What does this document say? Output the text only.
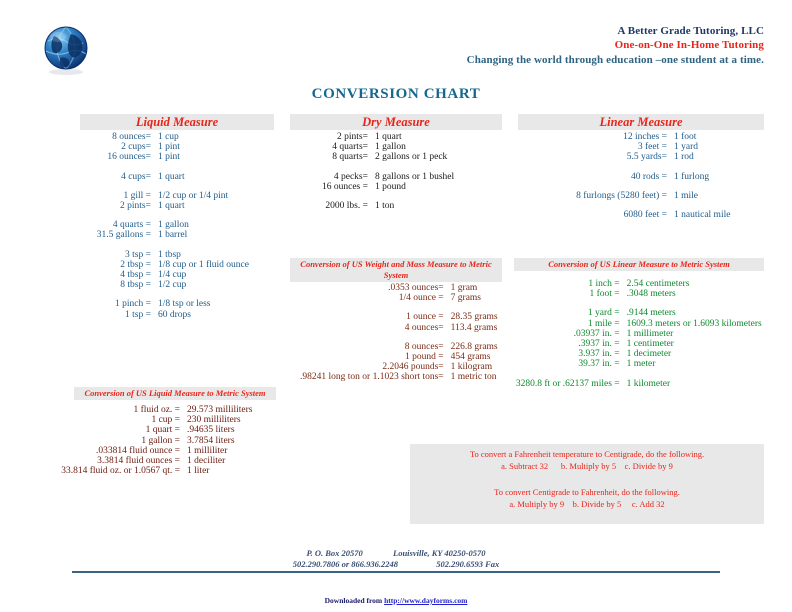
A Better Grade Tutoring, LLC
One-on-One In-Home Tutoring
Changing the world through education –one student at a time.
CONVERSION CHART
Liquid Measure	Dry Measure	Linear Measure
Conversion of US Liquid Measure to Metric System
Conversion of US Weight and Mass Measure to Metric System
Conversion of US Linear Measure to Metric System
8 ounces=	1 cup
2 cups=	1 pint
16 ounces=	1 pint

4 cups=	1 quart

1 gill =	1/2 cup or 1/4 pint
2 pints=	1 quart

4 quarts =	1 gallon
31.5 gallons =	1 barrel

3 tsp =	1 tbsp
2 tbsp =	1/8 cup or 1 fluid ounce
4 tbsp =	1/4 cup
8 tbsp =	1/2 cup

1 pinch =	1/8 tsp or less
1 tsp =	60 drops
1 fluid oz. =	29.573 milliliters
1 cup =	230 milliliters
1 quart =	.94635 liters
1 gallon =	3.7854 liters
.033814 fluid ounce =	1 milliliter
3.3814 fluid ounces =	1 deciliter
33.814 fluid oz. or 1.0567 qt. =	1 liter
2 pints=	1 quart
4 quarts=	1 gallon
8 quarts=	2 gallons or 1 peck

4 pecks=	8 gallons or 1 bushel
16 ounces =	1 pound

2000 lbs. =	1 ton
.0353 ounces=	1 gram
1/4 ounce =	7 grams

1 ounce =	28.35 grams
4 ounces=	113.4 grams

8 ounces=	226.8 grams
1 pound =	454 grams
2.2046 pounds=	1 kilogram
.98241 long ton or 1.1023 short tons=	1 metric ton
12 inches =	1 foot
3 feet =	1 yard
5.5 yards=	1 rod

40 rods =	1 furlong

8 furlongs (5280 feet) =	1 mile

6080 feet =	1 nautical mile
1 inch =	2.54 centimeters
1 foot =	.3048 meters

1 yard =	.9144 meters
1 mile =	1609.3 meters or 1.6093 kilometers
.03937 in. =	1 millimeter
.3937 in. =	1 centimeter
3.937 in. =	1 decimeter
39.37 in. =	1 meter

3280.8 ft or .62137 miles =	1 kilometer
To convert a Fahrenheit temperature to Centigrade, do the following.
a. Subtract 32 b. Multiply by 5 c. Divide by 9
To convert Centigrade to Fahrenheit, do the following.
a. Multiply by 9 b. Divide by 5 c. Add 32
P. O. Box 20570	Louisville, KY 40250-0570
502.290.7806 or 866.936.2248	502.290.6593 Fax
Downloaded from http://www.dayforms.com
